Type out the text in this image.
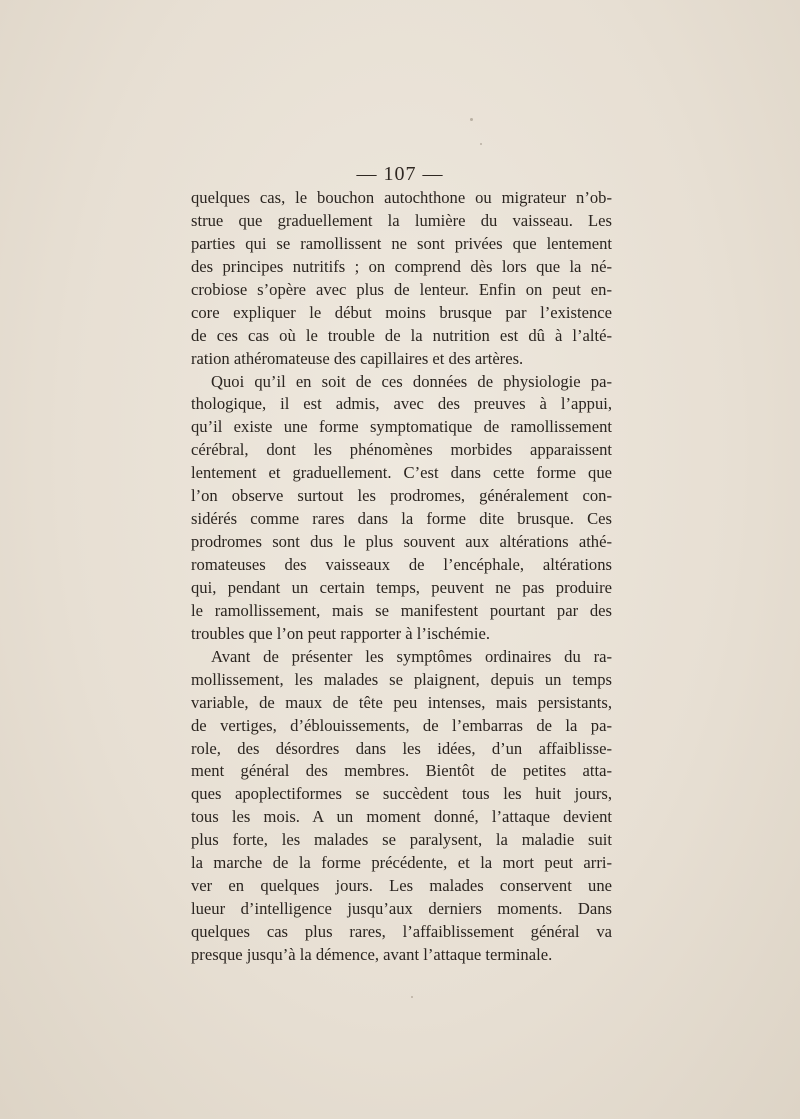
— 107 —
quelques cas, le bouchon autochthone ou migrateur n’ob-
strue que graduellement la lumière du vaisseau. Les
parties qui se ramollissent ne sont privées que lentement
des principes nutritifs ; on comprend dès lors que la né-
crobiose s’opère avec plus de lenteur. Enfin on peut en-
core expliquer le début moins brusque par l’existence
de ces cas où le trouble de la nutrition est dû à l’alté-
ration athéromateuse des capillaires et des artères.
Quoi qu’il en soit de ces données de physiologie pa-
thologique, il est admis, avec des preuves à l’appui,
qu’il existe une forme symptomatique de ramollissement
cérébral, dont les phénomènes morbides apparaissent
lentement et graduellement. C’est dans cette forme que
l’on observe surtout les prodromes, généralement con-
sidérés comme rares dans la forme dite brusque. Ces
prodromes sont dus le plus souvent aux altérations athé-
romateuses des vaisseaux de l’encéphale, altérations
qui, pendant un certain temps, peuvent ne pas produire
le ramollissement, mais se manifestent pourtant par des
troubles que l’on peut rapporter à l’ischémie.
Avant de présenter les symptômes ordinaires du ra-
mollissement, les malades se plaignent, depuis un temps
variable, de maux de tête peu intenses, mais persistants,
de vertiges, d’éblouissements, de l’embarras de la pa-
role, des désordres dans les idées, d’un affaiblisse-
ment général des membres. Bientôt de petites atta-
ques apoplectiformes se succèdent tous les huit jours,
tous les mois. A un moment donné, l’attaque devient
plus forte, les malades se paralysent, la maladie suit
la marche de la forme précédente, et la mort peut arri-
ver en quelques jours. Les malades conservent une
lueur d’intelligence jusqu’aux derniers moments. Dans
quelques cas plus rares, l’affaiblissement général va
presque jusqu’à la démence, avant l’attaque terminale.
